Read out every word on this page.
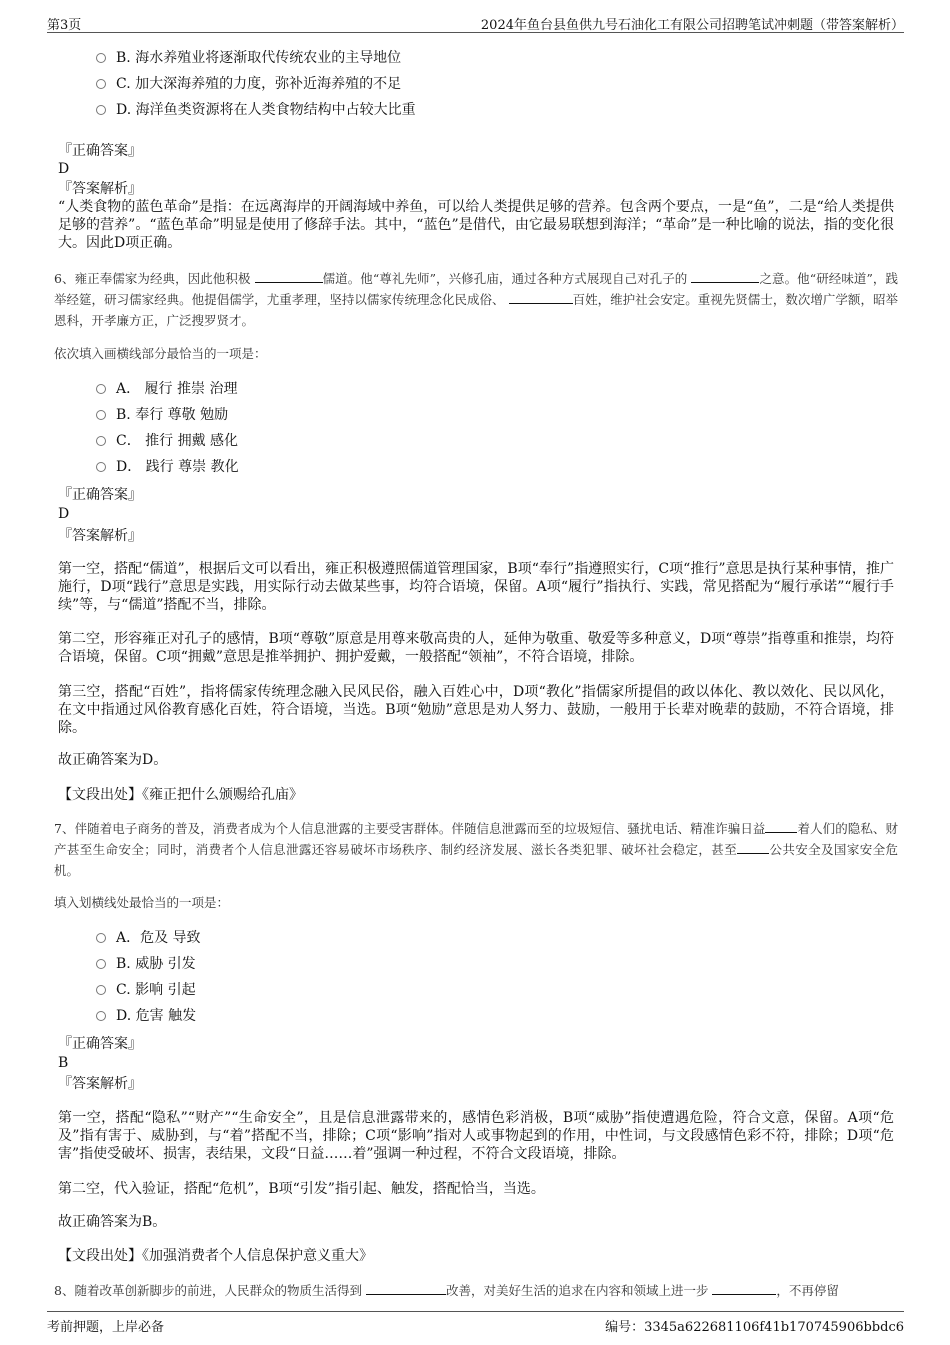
第3页	2024年鱼台县鱼供九号石油化工有限公司招聘笔试冲刺题（带答案解析）
B. 海水养殖业将逐渐取代传统农业的主导地位
C. 加大深海养殖的力度，弥补近海养殖的不足
D. 海洋鱼类资源将在人类食物结构中占较大比重
『正确答案』
D
『答案解析』
“人类食物的蓝色革命”是指：在远离海岸的开阔海域中养鱼，可以给人类提供足够的营养。包含两个要点，一是“鱼”，二是“给人类提供足够的营养”。“蓝色革命”明显是使用了修辞手法。其中，“蓝色”是借代，由它最易联想到海洋；“革命”是一种比喻的说法，指的变化很大。因此D项正确。
6、雍正奉儒家为经典，因此他积极	儒道。他“尊礼先师”，兴修孔庙，通过各种方式展现自己对孔子的	之意。他“研经味道”，践举经筵，研习儒家经典。他提倡儒学，尤重孝理，坚持以儒家传统理念化民成俗、	百姓，维护社会安定。重视先贤儒士，数次增广学额，昭举恩科，开孝廉方正，广泛搜罗贤才。
依次填入画横线部分最恰当的一项是：
A． 履行 推崇 治理
B. 奉行 尊敬 勉励
C． 推行 拥戴 感化
D． 践行 尊崇 教化
『正确答案』
D
『答案解析』
第一空，搭配“儒道”，根据后文可以看出，雍正积极遵照儒道管理国家，B项“奉行”指遵照实行，C项“推行”意思是执行某种事情，推广施行，D项“践行”意思是实践，用实际行动去做某些事，均符合语境，保留。A项“履行”指执行、实践，常见搭配为“履行承诺”“履行手续”等，与“儒道”搭配不当，排除。
第二空，形容雍正对孔子的感情，B项“尊敬”原意是用尊来敬高贵的人，延伸为敬重、敬爱等多种意义，D项“尊崇”指尊重和推崇，均符合语境，保留。C项“拥戴”意思是推举拥护、拥护爱戴，一般搭配“领袖”，不符合语境，排除。
第三空，搭配“百姓”，指将儒家传统理念融入民风民俗，融入百姓心中，D项“教化”指儒家所提倡的政以体化、教以效化、民以风化，在文中指通过风俗教育感化百姓，符合语境，当选。B项“勉励”意思是劝人努力、鼓励，一般用于长辈对晚辈的鼓励，不符合语境，排除。
故正确答案为D。
【文段出处】《雍正把什么颁赐给孔庙》
7、伴随着电子商务的普及，消费者成为个人信息泄露的主要受害群体。伴随信息泄露而至的垃圾短信、骚扰电话、精准诈骗日益	着人们的隐私、财产甚至生命安全；同时，消费者个人信息泄露还容易破坏市场秩序、制约经济发展、滋长各类犯罪、破坏社会稳定，甚至	公共安全及国家安全危机。
填入划横线处最恰当的一项是：
A．危及 导致
B. 威胁 引发
C. 影响 引起
D. 危害 触发
『正确答案』
B
『答案解析』
第一空，搭配“隐私”“财产”“生命安全”，且是信息泄露带来的，感情色彩消极，B项“威胁”指使遭遇危险，符合文意，保留。A项“危及”指有害于、威胁到，与“着”搭配不当，排除；C项“影响”指对人或事物起到的作用，中性词，与文段感情色彩不符，排除；D项“危害”指使受破坏、损害，表结果，文段“日益……着”强调一种过程，不符合文段语境，排除。
第二空，代入验证，搭配“危机”，B项“引发”指引起、触发，搭配恰当，当选。
故正确答案为B。
【文段出处】《加强消费者个人信息保护意义重大》
8、随着改革创新脚步的前进，人民群众的物质生活得到	改善，对美好生活的追求在内容和领域上进一步	，不再停留
考前押题，上岸必备	编号：3345a622681106f41b170745906bbdc6
